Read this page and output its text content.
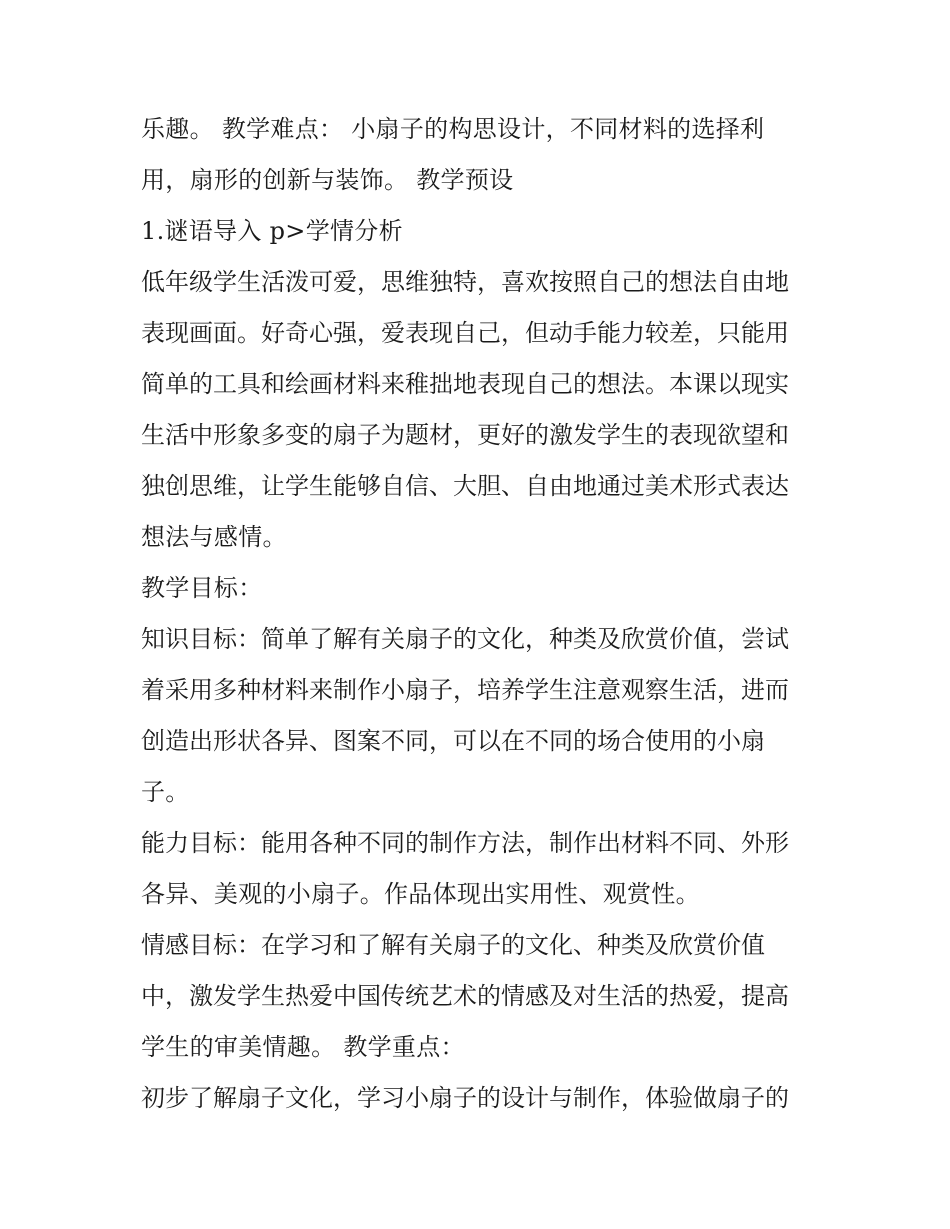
乐趣。 教学难点： 小扇子的构思设计，不同材料的选择利
用，扇形的创新与装饰。 教学预设
1.谜语导入 p>学情分析
低年级学生活泼可爱，思维独特，喜欢按照自己的想法自由地
表现画面。好奇心强，爱表现自己，但动手能力较差，只能用
简单的工具和绘画材料来稚拙地表现自己的想法。本课以现实
生活中形象多变的扇子为题材，更好的激发学生的表现欲望和
独创思维，让学生能够自信、大胆、自由地通过美术形式表达
想法与感情。
教学目标：
知识目标：简单了解有关扇子的文化，种类及欣赏价值，尝试
着采用多种材料来制作小扇子，培养学生注意观察生活，进而
创造出形状各异、图案不同，可以在不同的场合使用的小扇
子。
能力目标：能用各种不同的制作方法，制作出材料不同、外形
各异、美观的小扇子。作品体现出实用性、观赏性。
情感目标：在学习和了解有关扇子的文化、种类及欣赏价值
中，激发学生热爱中国传统艺术的情感及对生活的热爱，提高
学生的审美情趣。 教学重点：
初步了解扇子文化，学习小扇子的设计与制作，体验做扇子的
